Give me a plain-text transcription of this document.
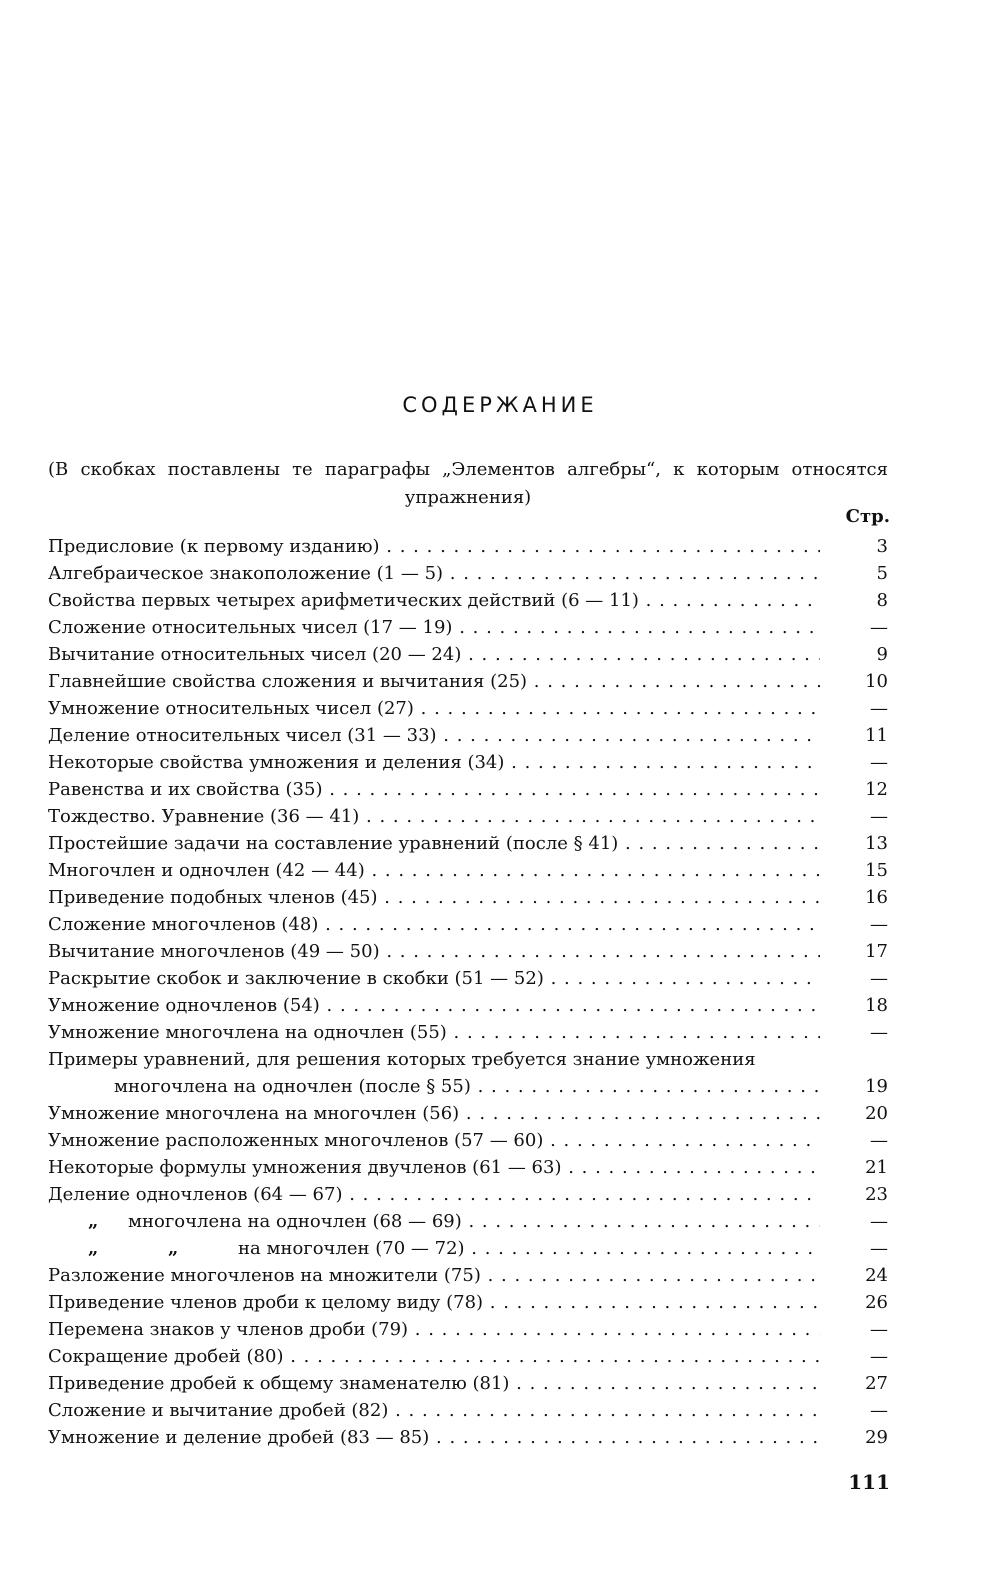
СОДЕРЖАНИЕ
(В скобках поставлены те параграфы „Элементов алгебры“, к которым относятся
упражнения)
Стр.
Предисловие (к первому изданию) . . .	3
Алгебраическое знакоположение (1 — 5) . . .	5
Свойства первых четырех арифметических действий (6 — 11) . . .	8
Сложение относительных чисел (17 — 19) . . .	—
Вычитание относительных чисел (20 — 24) . . .	9
Главнейшие свойства сложения и вычитания (25) . . .	10
Умножение относительных чисел (27) . . .	—
Деление относительных чисел (31 — 33) . . .	11
Некоторые свойства умножения и деления (34) . . .	—
Равенства и их свойства (35) . . .	12
Тождество. Уравнение (36 — 41) . . .	—
Простейшие задачи на составление уравнений (после § 41) . . .	13
Многочлен и одночлен (42 — 44) . . .	15
Приведение подобных членов (45) . . .	16
Сложение многочленов (48) . . .	—
Вычитание многочленов (49 — 50) . . .	17
Раскрытие скобок и заключение в скобки (51 — 52) . . .	—
Умножение одночленов (54) . . .	18
Умножение многочлена на одночлен (55) . . .	—
Примеры уравнений, для решения которых требуется знание умножения
многочлена на одночлен (после § 55) . . .	19
Умножение многочлена на многочлен (56) . . .	20
Умножение расположенных многочленов (57 — 60) . . .	—
Некоторые формулы умножения двучленов (61 — 63) . . .	21
Деление одночленов (64 — 67) . . .	23
„ многочлена на одночлен (68 — 69) . . .	—
„	„	на многочлен (70 — 72) . . .	—
Разложение многочленов на множители (75) . . .	24
Приведение членов дроби к целому виду (78) . . .	26
Перемена знаков у членов дроби (79) . . .	—
Сокращение дробей (80) . . .	—
Приведение дробей к общему знаменателю (81) . . .	27
Сложение и вычитание дробей (82) . . .	—
Умножение и деление дробей (83 — 85) . . .	29
111
